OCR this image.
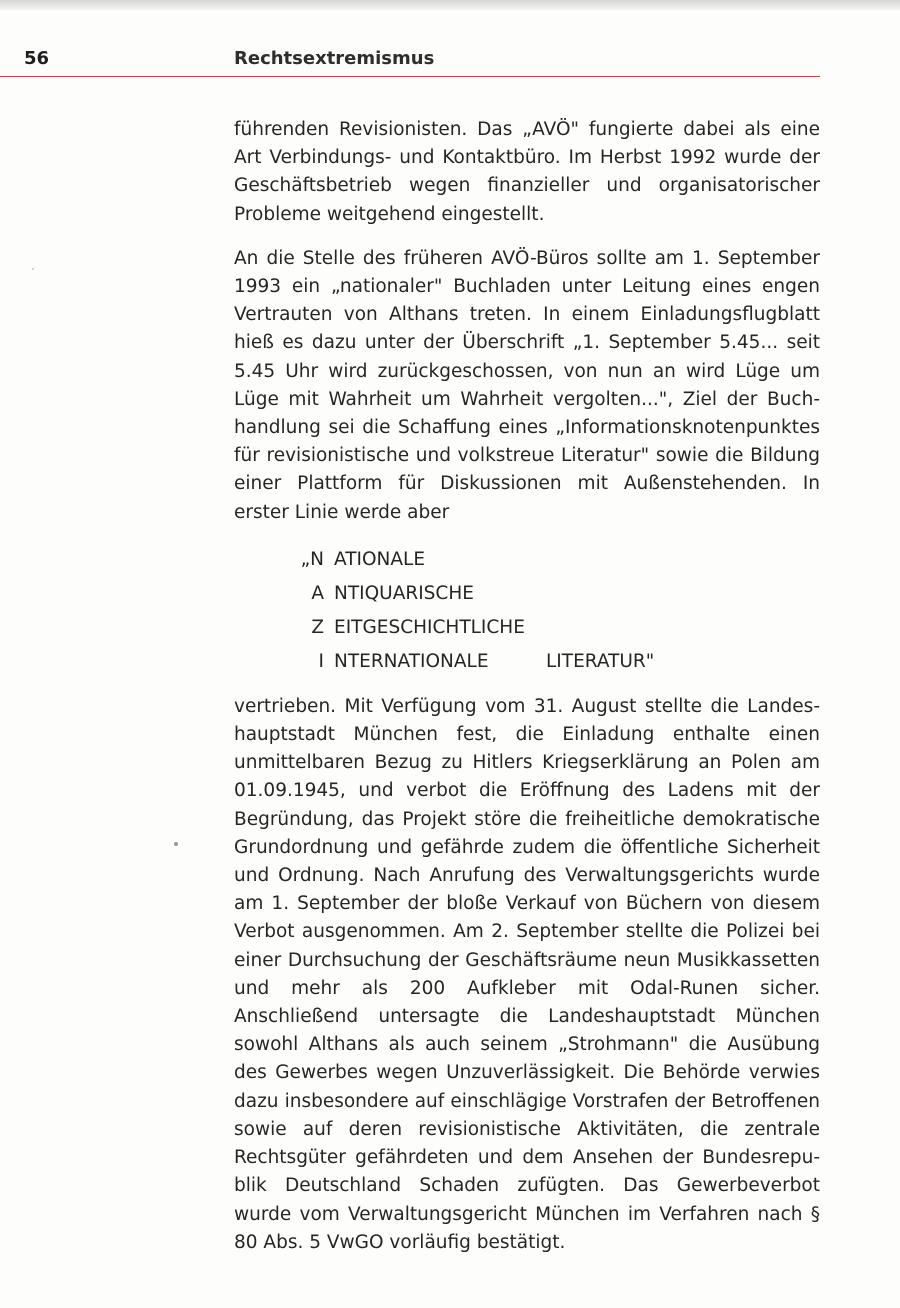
56	Rechtsextremismus

führenden Revisionisten. Das „AVÖ" fungierte dabei als eine Art Verbindungs- und Kontaktbüro. Im Herbst 1992 wurde der Geschäftsbetrieb wegen finanzieller und organisatorischer Probleme weitgehend eingestellt.

An die Stelle des früheren AVÖ-Büros sollte am 1. September 1993 ein „nationaler" Buchladen unter Leitung eines engen Vertrauten von Althans treten. In einem Einladungsflugblatt hieß es dazu unter der Überschrift „1. September 5.45... seit 5.45 Uhr wird zurückgeschossen, von nun an wird Lüge um Lüge mit Wahrheit um Wahrheit vergolten...", Ziel der Buchhandlung sei die Schaffung eines „Informationsknotenpunktes für revisionistische und volkstreue Literatur" sowie die Bildung einer Plattform für Diskussionen mit Außenstehenden. In erster Linie werde aber

„N ATIONALE
A NTIQUARISCHE
Z EITGESCHICHTLICHE
I NTERNATIONALE	LITERATUR"

vertrieben. Mit Verfügung vom 31. August stellte die Landeshauptstadt München fest, die Einladung enthalte einen unmittelbaren Bezug zu Hitlers Kriegserklärung an Polen am 01.09.1945, und verbot die Eröffnung des Ladens mit der Begründung, das Projekt störe die freiheitliche demokratische Grundordnung und gefährde zudem die öffentliche Sicherheit und Ordnung. Nach Anrufung des Verwaltungsgerichts wurde am 1. September der bloße Verkauf von Büchern von diesem Verbot ausgenommen. Am 2. September stellte die Polizei bei einer Durchsuchung der Geschäftsräume neun Musikkassetten und mehr als 200 Aufkleber mit Odal-Runen sicher. Anschließend untersagte die Landeshauptstadt München sowohl Althans als auch seinem „Strohmann" die Ausübung des Gewerbes wegen Unzuverlässigkeit. Die Behörde verwies dazu insbesondere auf einschlägige Vorstrafen der Betroffenen sowie auf deren revisionistische Aktivitäten, die zentrale Rechtsgüter gefährdeten und dem Ansehen der Bundesrepublik Deutschland Schaden zufügten. Das Gewerbeverbot wurde vom Verwaltungsgericht München im Verfahren nach § 80 Abs. 5 VwGO vorläufig bestätigt.
